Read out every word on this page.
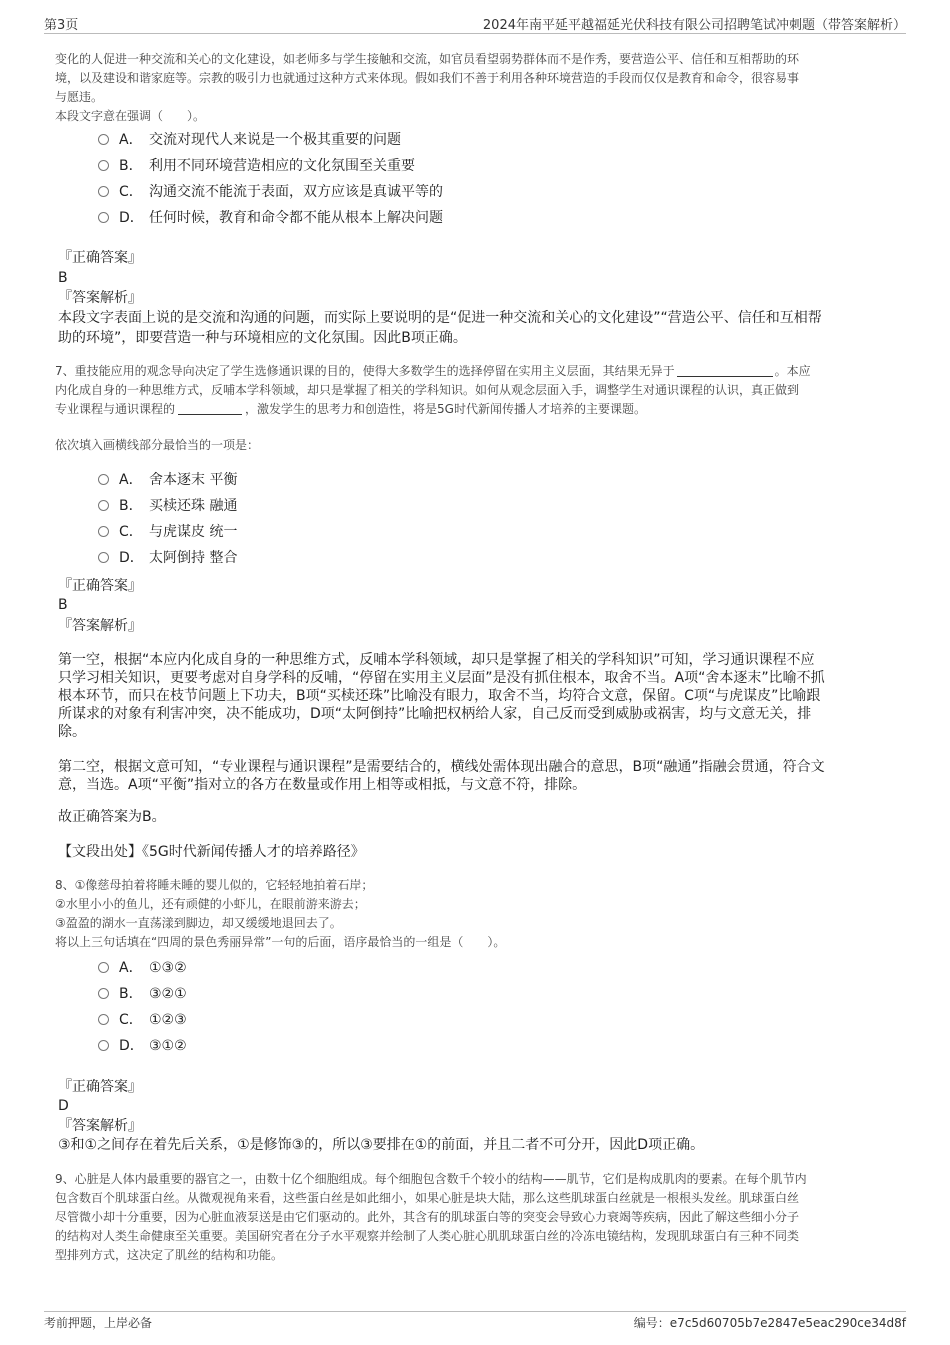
第3页	2024年南平延平越福延光伏科技有限公司招聘笔试冲刺题（带答案解析）
变化的人促进一种交流和关心的文化建设，如老师多与学生接触和交流，如官员看望弱势群体而不是作秀，要营造公平、信任和互相帮助的环
境，以及建设和谐家庭等。宗教的吸引力也就通过这种方式来体现。假如我们不善于利用各种环境营造的手段而仅仅是教育和命令，很容易事
与愿违。
本段文字意在强调（　　）。
A． 交流对现代人来说是一个极其重要的问题
B． 利用不同环境营造相应的文化氛围至关重要
C． 沟通交流不能流于表面，双方应该是真诚平等的
D． 任何时候，教育和命令都不能从根本上解决问题
『正确答案』
B
『答案解析』
本段文字表面上说的是交流和沟通的问题，而实际上要说明的是“促进一种交流和关心的文化建设”“营造公平、信任和互相帮
助的环境”，即要营造一种与环境相应的文化氛围。因此B项正确。
7、重技能应用的观念导向决定了学生选修通识课的目的，使得大多数学生的选择停留在实用主义层面，其结果无异于	。本应
内化成自身的一种思维方式，反哺本学科领域，却只是掌握了相关的学科知识。如何从观念层面入手，调整学生对通识课程的认识，真正做到
专业课程与通识课程的	，激发学生的思考力和创造性，将是5G时代新闻传播人才培养的主要课题。
依次填入画横线部分最恰当的一项是：
A． 舍本逐末 平衡
B． 买椟还珠 融通
C． 与虎谋皮 统一
D． 太阿倒持 整合
『正确答案』
B
『答案解析』
第一空，根据“本应内化成自身的一种思维方式，反哺本学科领域，却只是掌握了相关的学科知识”可知，学习通识课程不应
只学习相关知识，更要考虑对自身学科的反哺，“停留在实用主义层面”是没有抓住根本，取舍不当。A项“舍本逐末”比喻不抓
根本环节，而只在枝节问题上下功夫，B项“买椟还珠”比喻没有眼力，取舍不当，均符合文意，保留。C项“与虎谋皮”比喻跟
所谋求的对象有利害冲突，决不能成功，D项“太阿倒持”比喻把权柄给人家，自己反而受到威胁或祸害，均与文意无关，排
除。
第二空，根据文意可知，“专业课程与通识课程”是需要结合的，横线处需体现出融合的意思，B项“融通”指融会贯通，符合文
意，当选。A项“平衡”指对立的各方在数量或作用上相等或相抵，与文意不符，排除。
故正确答案为B。
【文段出处】《5G时代新闻传播人才的培养路径》
8、①像慈母拍着将睡未睡的婴儿似的，它轻轻地拍着石岸；
②水里小小的鱼儿，还有顽健的小虾儿，在眼前游来游去；
③盈盈的湖水一直荡漾到脚边，却又缓缓地退回去了。
将以上三句话填在“四周的景色秀丽异常”一句的后面，语序最恰当的一组是（　　）。
A． ①③②
B． ③②①
C． ①②③
D． ③①②
『正确答案』
D
『答案解析』
③和①之间存在着先后关系，①是修饰③的，所以③要排在①的前面，并且二者不可分开，因此D项正确。
9、心脏是人体内最重要的器官之一，由数十亿个细胞组成。每个细胞包含数千个较小的结构——肌节，它们是构成肌肉的要素。在每个肌节内
包含数百个肌球蛋白丝。从微观视角来看，这些蛋白丝是如此细小，如果心脏是块大陆，那么这些肌球蛋白丝就是一根根头发丝。肌球蛋白丝
尽管微小却十分重要，因为心脏血液泵送是由它们驱动的。此外，其含有的肌球蛋白等的突变会导致心力衰竭等疾病，因此了解这些细小分子
的结构对人类生命健康至关重要。美国研究者在分子水平观察并绘制了人类心脏心肌肌球蛋白丝的冷冻电镜结构，发现肌球蛋白有三种不同类
型排列方式，这决定了肌丝的结构和功能。
考前押题，上岸必备	编号：e7c5d60705b7e2847e5eac290ce34d8f
